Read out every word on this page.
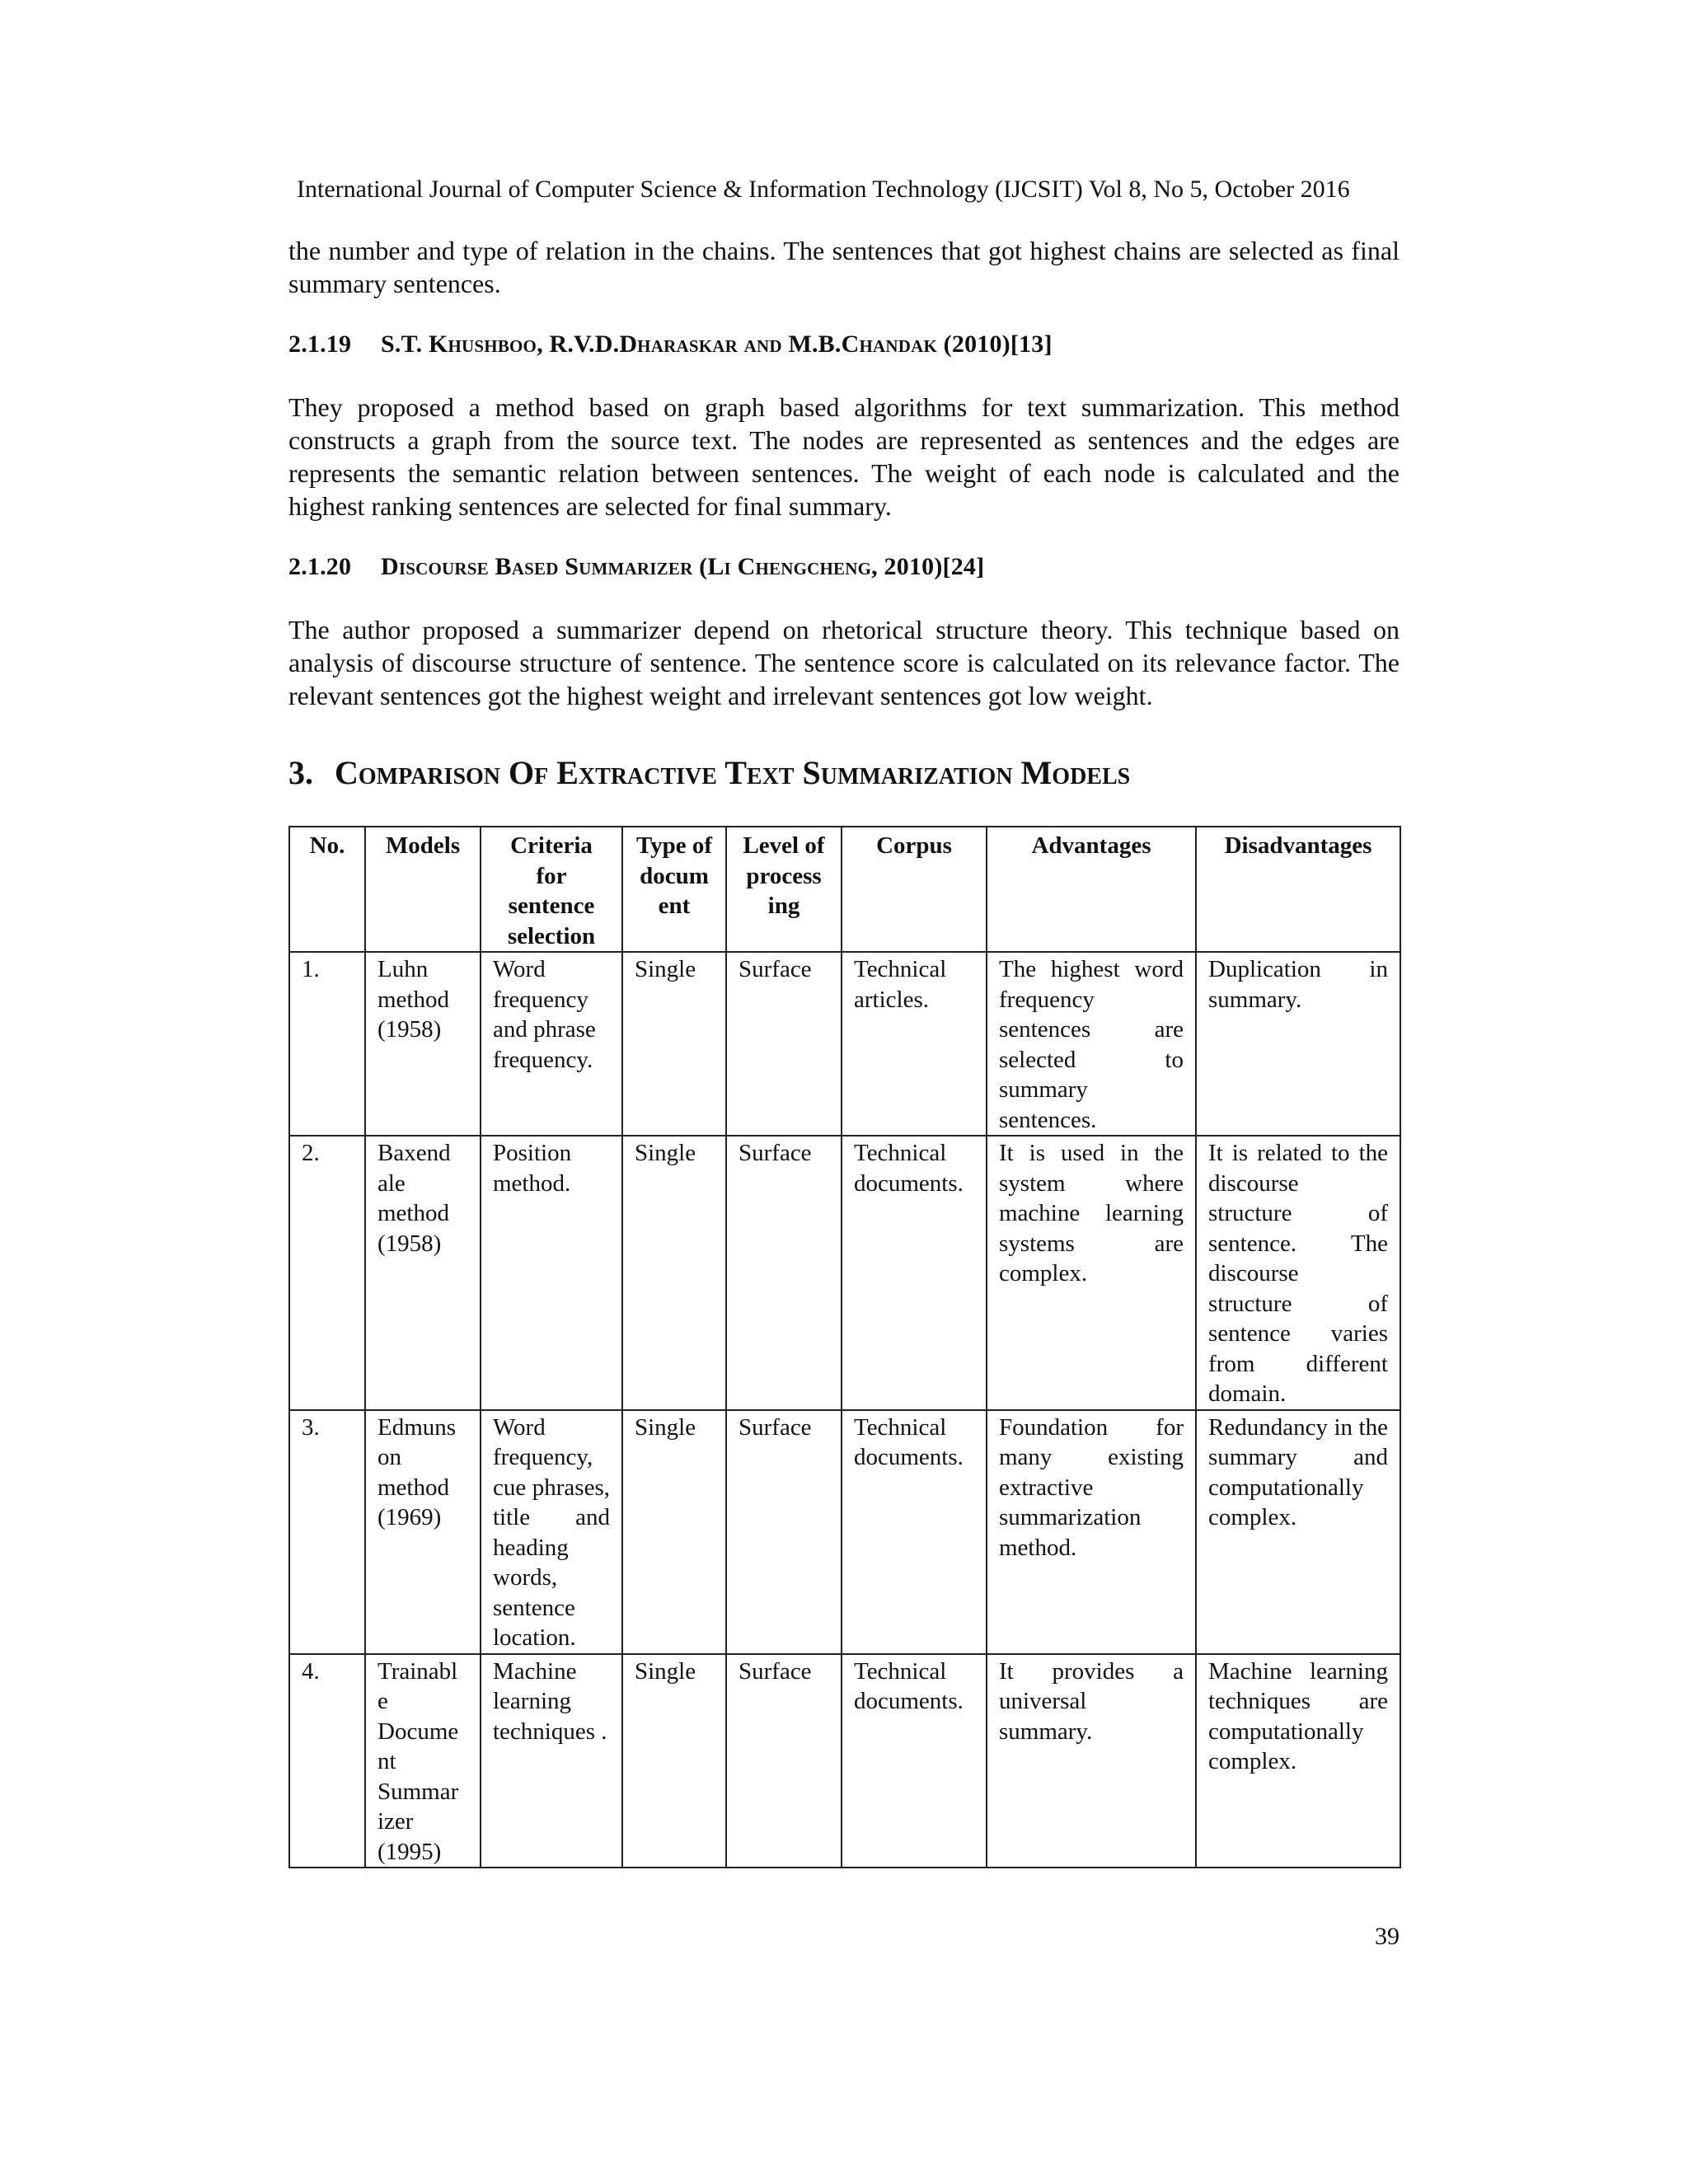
International Journal of Computer Science & Information Technology (IJCSIT) Vol 8, No 5, October 2016

the number and type of relation in the chains. The sentences that got highest chains are selected as final summary sentences.

2.1.19 S.T. Khushboo, R.V.D.Dharaskar and M.B.Chandak (2010)[13]

They proposed a method based on graph based algorithms for text summarization. This method constructs a graph from the source text. The nodes are represented as sentences and the edges are represents the semantic relation between sentences. The weight of each node is calculated and the highest ranking sentences are selected for final summary.

2.1.20 Discourse Based Summarizer (Li Chengcheng, 2010)[24]

The author proposed a summarizer depend on rhetorical structure theory. This technique based on analysis of discourse structure of sentence. The sentence score is calculated on its relevance factor. The relevant sentences got the highest weight and irrelevant sentences got low weight.

3. Comparison Of Extractive Text Summarization Models
No.	Models	Criteria for sentence selection	Type of docum ent	Level of process ing	Corpus	Advantages	Disadvantages
1.	Luhn method (1958)	Word frequency and phrase frequency.	Single	Surface	Technical articles.	The highest word frequency sentences are selected to summary sentences.	Duplication in summary.
2.	Baxend ale method (1958)	Position method.	Single	Surface	Technical documents.	It is used in the system where machine learning systems are complex.	It is related to the discourse structure of sentence. The discourse structure of sentence varies from different domain.
3.	Edmuns on method (1969)	Word frequency, cue phrases, title and heading words, sentence location.	Single	Surface	Technical documents.	Foundation for many existing extractive summarization method.	Redundancy in the summary and computationally complex.
4.	Trainabl e Docume nt Summar izer (1995)	Machine learning techniques .	Single	Surface	Technical documents.	It provides a universal summary.	Machine learning techniques are computationally complex.
39
